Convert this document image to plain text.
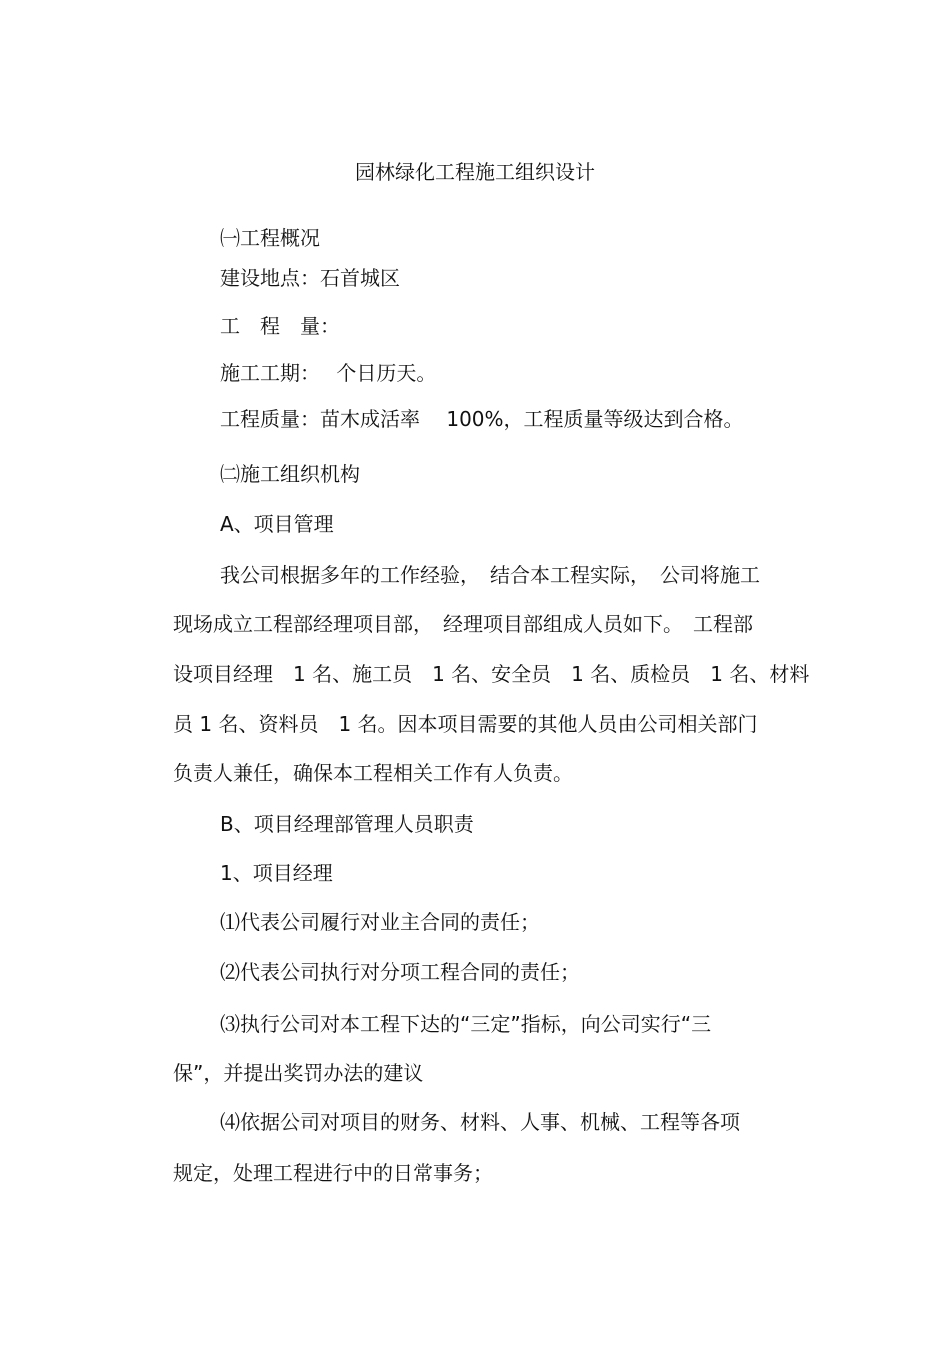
园林绿化工程施工组织设计
㈠工程概况
建设地点：石首城区
工　程　量：
施工工期：　 个日历天。
工程质量：苗木成活率　 100%，工程质量等级达到合格。
㈡施工组织机构
A、项目管理
我公司根据多年的工作经验，　结合本工程实际，　公司将施工
现场成立工程部经理项目部，　经理项目部组成人员如下。　工程部
设项目经理　1 名、施工员　1 名、安全员　1 名、质检员　1 名、材料
员 1 名、资料员　1 名。因本项目需要的其他人员由公司相关部门
负责人兼任，确保本工程相关工作有人负责。
B、项目经理部管理人员职责
1、项目经理
⑴代表公司履行对业主合同的责任；
⑵代表公司执行对分项工程合同的责任；
⑶执行公司对本工程下达的“三定”指标，向公司实行“三
保”，并提出奖罚办法的建议
⑷依据公司对项目的财务、材料、人事、机械、工程等各项
规定，处理工程进行中的日常事务；
